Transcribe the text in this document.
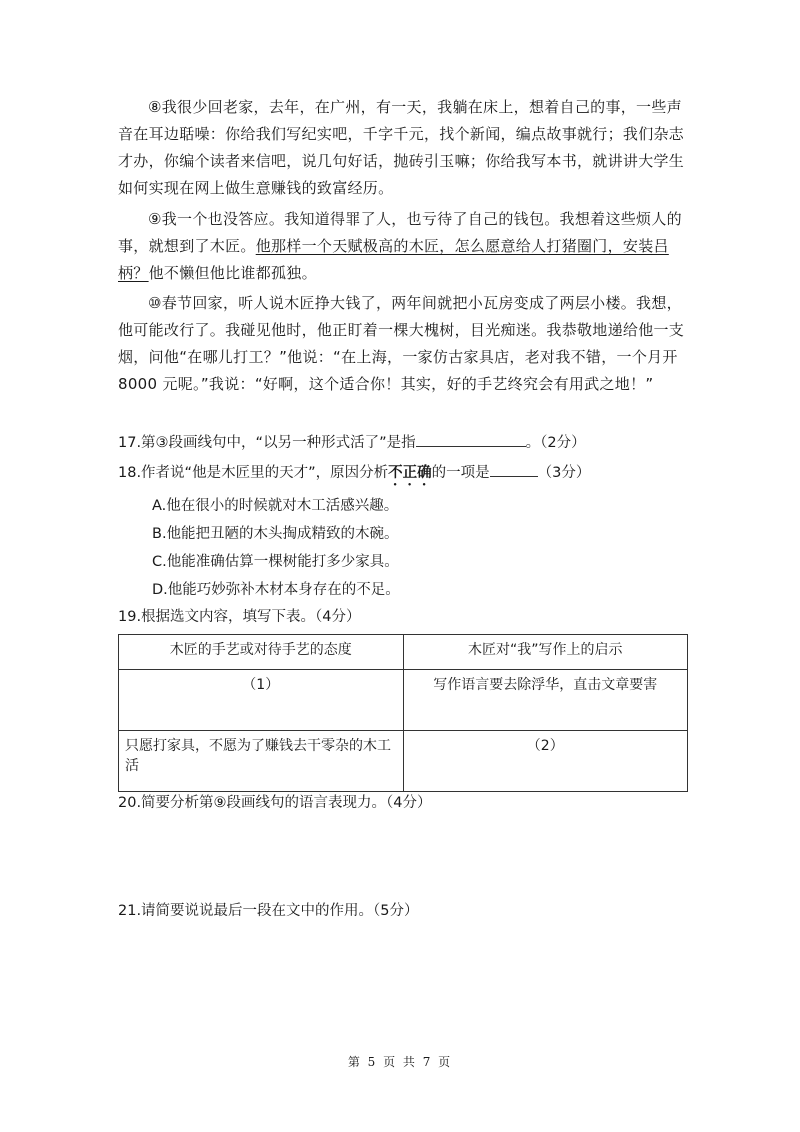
⑧我很少回老家，去年，在广州，有一天，我躺在床上，想着自己的事，一些声音在耳边聒噪：你给我们写纪实吧，千字千元，找个新闻，编点故事就行；我们杂志才办，你编个读者来信吧，说几句好话，抛砖引玉嘛；你给我写本书，就讲讲大学生如何实现在网上做生意赚钱的致富经历。

⑨我一个也没答应。我知道得罪了人，也亏待了自己的钱包。我想着这些烦人的事，就想到了木匠。他那样一个天赋极高的木匠，怎么愿意给人打猪圈门，安装吕柄？他不懒但他比谁都孤独。

⑩春节回家，听人说木匠挣大钱了，两年间就把小瓦房变成了两层小楼。我想，他可能改行了。我碰见他时，他正盯着一棵大槐树，目光痴迷。我恭敬地递给他一支烟，问他“在哪儿打工？”他说：“在上海，一家仿古家具店，老对我不错，一个月开 8000 元呢。”我说：“好啊，这个适合你！其实，好的手艺终究会有用武之地！”

17.第③段画线句中，“以另一种形式活了”是指	。（2分）

18.作者说“他是木匠里的天才”，原因分析不正确的一项是	（3分）

A.他在很小的时候就对木工活感兴趣。

B.他能把丑陋的木头掏成精致的木碗。

C.他能准确估算一棵树能打多少家具。

D.他能巧妙弥补木材本身存在的不足。

19.根据选文内容，填写下表。（4分）

木匠的手艺或对待手艺的态度	木匠对“我”写作上的启示
（1）	写作语言要去除浮华，直击文章要害
只愿打家具，不愿为了赚钱去干零杂的木工活	（2）

20.简要分析第⑨段画线句的语言表现力。（4分）

21.请简要说说最后一段在文中的作用。（5分）

第 5 页 共 7 页
